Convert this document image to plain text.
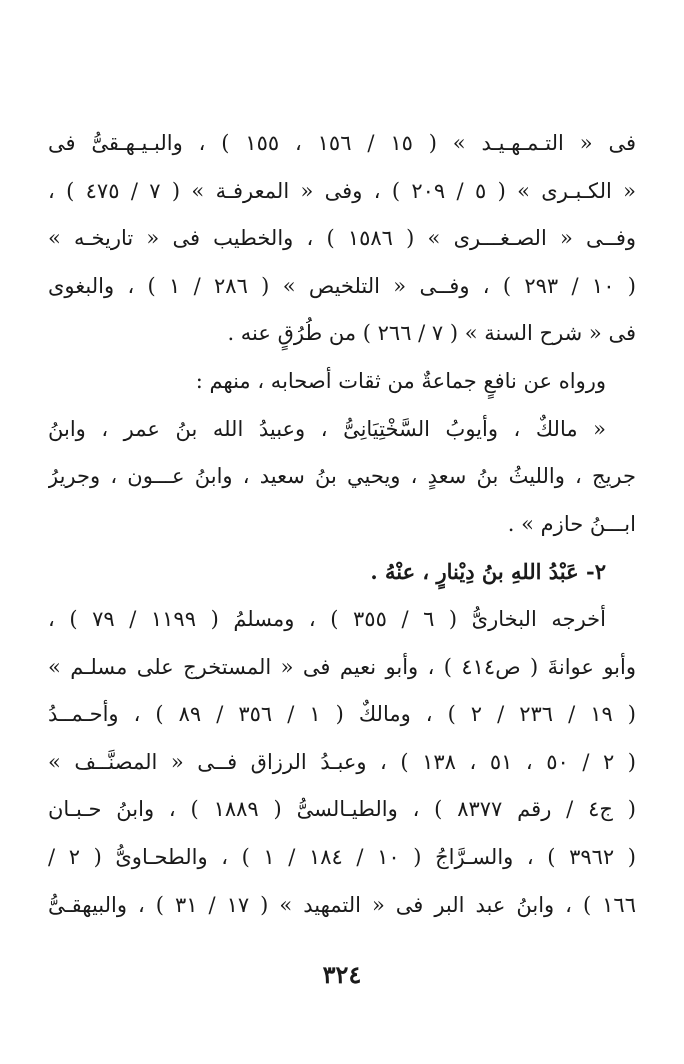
فى « التـمـهـيـد » ( ١٥ / ١٥٦ ، ١٥٥ ) ، والبـيـهـقىُّ فى
« الكـبـرى » ( ٥ / ٢٠٩ ) ، وفى « المعرفـة » ( ٧ / ٤٧٥ ) ،
وفــى « الصـغـــرى » ( ١٥٨٦ ) ، والخطيب فى « تاريخـه »
( ١٠ / ٢٩٣ ) ، وفــى « التلخيص » ( ٢٨٦ / ١ ) ، والبغوى
فى « شرح السنة » ( ٧ / ٢٦٦ ) من طُرُقٍ عنه .
ورواه عن نافعٍ جماعةٌ من ثقات أصحابه ، منهم :
« مالكٌ ، وأيوبُ السَّخْتِيَانِىُّ ، وعبيدُ الله بنُ عمر ، وابنُ
جريج ، والليثُ بنُ سعدٍ ، ويحيي بنُ سعيد ، وابنُ عـــون ، وجريرُ
ابـــنُ حازم » .
٢- عَبْدُ اللهِ بنُ دِيْنارٍ ، عنْهُ .
أخرجه البخارىُّ ( ٦ / ٣٥٥ ) ، ومسلمُ ( ١١٩٩ / ٧٩ ) ،
وأبو عوانةَ ( ص٤١٤ ) ، وأبو نعيم فى « المستخرج على مسلـم »
( ١٩ / ٢٣٦ / ٢ ) ، ومالكٌ ( ١ / ٣٥٦ / ٨٩ ) ، وأحـمــدُ
( ٢ / ٥٠ ، ٥١ ، ١٣٨ ) ، وعبـدُ الرزاق فــى « المصنَّــف »
( ج٤ / رقم ٨٣٧٧ ) ، والطيـالسىُّ ( ١٨٨٩ ) ، وابنُ حـبـان
( ٣٩٦٢ ) ، والسـرَّاجُ ( ١٠ / ١٨٤ / ١ ) ، والطحـاوىُّ ( ٢ /
١٦٦ ) ، وابنُ عبد البر فى « التمهيد » ( ١٧ / ٣١ ) ، والبيهقـىُّ
٣٢٤
